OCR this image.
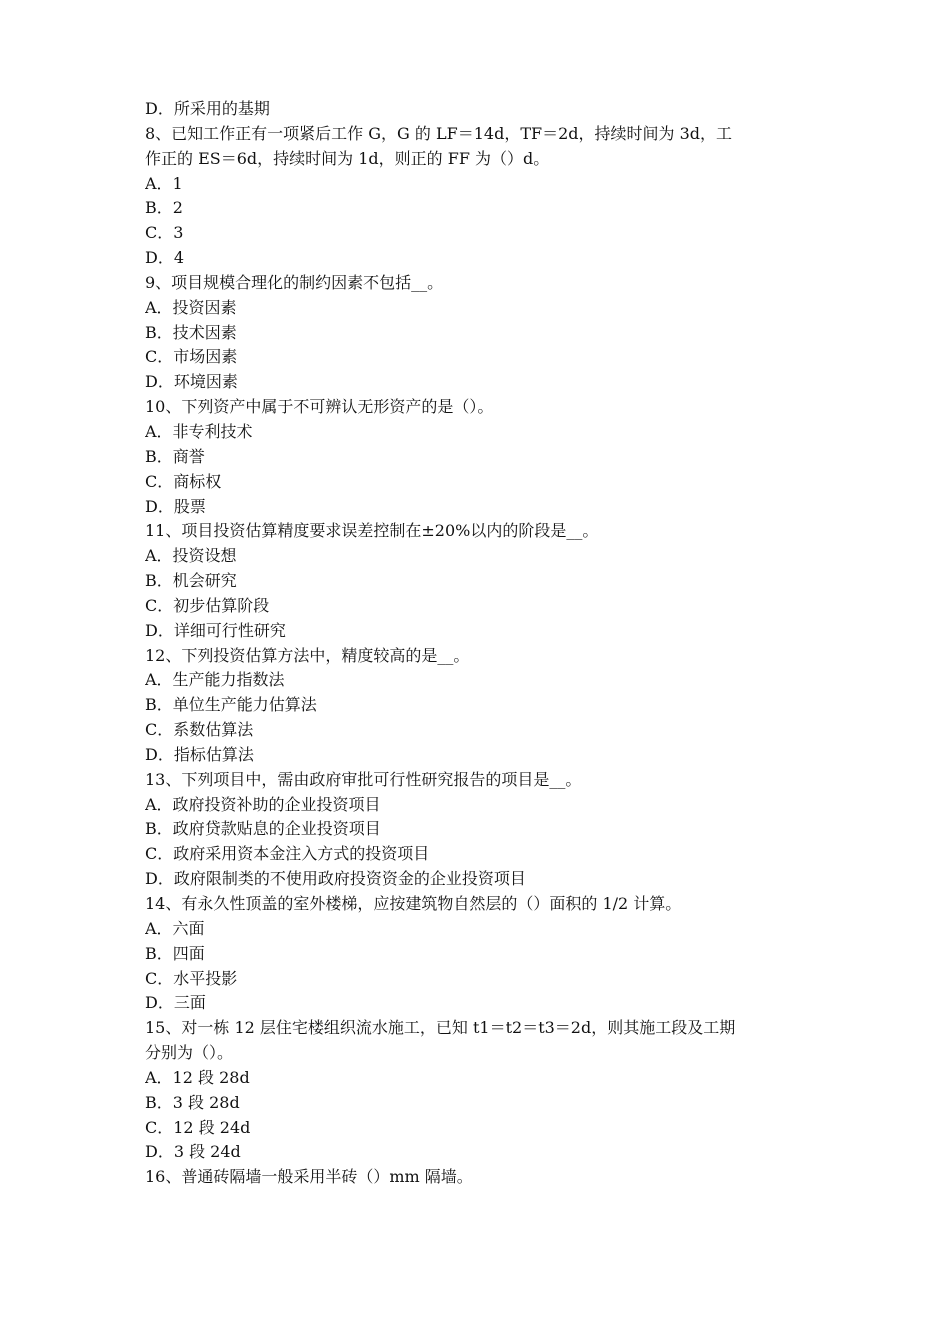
D．所采用的基期
8、已知工作正有一项紧后工作 G，G 的 LF＝14d，TF＝2d，持续时间为 3d，工
作正的 ES＝6d，持续时间为 1d，则正的 FF 为（）d。
A．1
B．2
C．3
D．4
9、项目规模合理化的制约因素不包括__。
A．投资因素
B．技术因素
C．市场因素
D．环境因素
10、下列资产中属于不可辨认无形资产的是（）。
A．非专利技术
B．商誉
C．商标权
D．股票
11、项目投资估算精度要求误差控制在±20%以内的阶段是__。
A．投资设想
B．机会研究
C．初步估算阶段
D．详细可行性研究
12、下列投资估算方法中，精度较高的是__。
A．生产能力指数法
B．单位生产能力估算法
C．系数估算法
D．指标估算法
13、下列项目中，需由政府审批可行性研究报告的项目是__。
A．政府投资补助的企业投资项目
B．政府贷款贴息的企业投资项目
C．政府采用资本金注入方式的投资项目
D．政府限制类的不使用政府投资资金的企业投资项目
14、有永久性顶盖的室外楼梯，应按建筑物自然层的（）面积的 1/2 计算。
A．六面
B．四面
C．水平投影
D．三面
15、对一栋 12 层住宅楼组织流水施工，已知 t1＝t2＝t3＝2d，则其施工段及工期
分别为（）。
A．12 段 28d
B．3 段 28d
C．12 段 24d
D．3 段 24d
16、普通砖隔墙一般采用半砖（）mm 隔墙。
